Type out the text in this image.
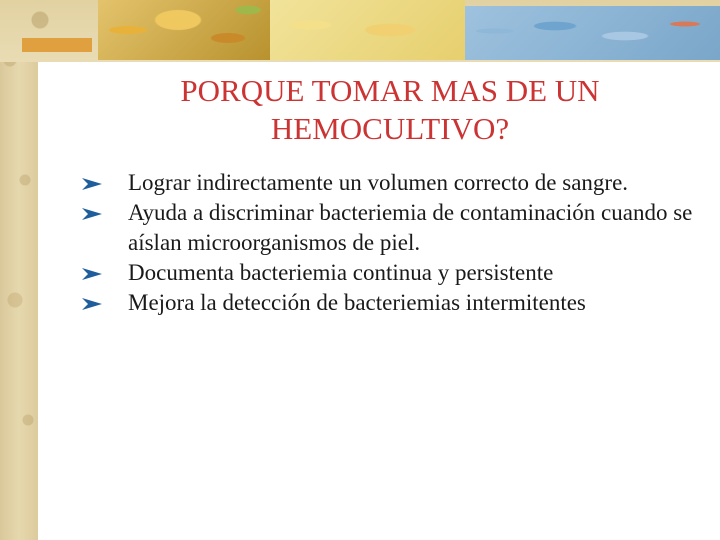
PORQUE TOMAR MAS DE UN HEMOCULTIVO?
Lograr indirectamente un volumen correcto de sangre.
Ayuda a discriminar bacteriemia de contaminación cuando se aíslan microorganismos de piel.
Documenta bacteriemia continua y persistente
Mejora la detección de bacteriemias intermitentes
